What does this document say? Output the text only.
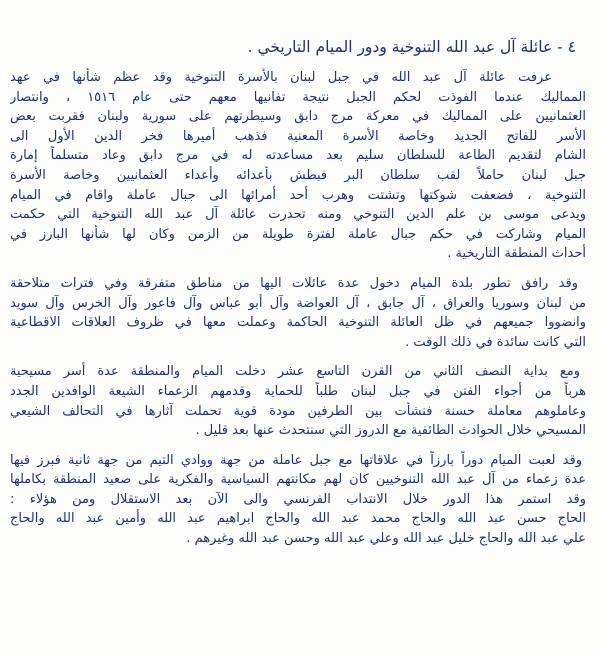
٤ - عائلة آل عبد الله التنوخية ودور الميام التاريخي .
عرفت عائلة آل عبد الله في جبل لبنان بالأسرة التنوخية وقد عظم شأنها في عهد
المماليك عندما الفوذت لحكم الجبل نتيجة تفانيها معهم حتى عام ١٥١٦ ، وانتصار
العثمانيين على المماليك في معركة مرج دابق وسيطرتهم على سورية ولبنان فقربت بعض
الأسر للفاتح الجديد وخاصة الأسرة المعنية فذهب أميرها فخر الدين الأول الى
الشام لتقديم الطاعة للسلطان سليم بعد مساعدته له في مرج دابق وعاد متسلماً إمارة
جبل لبنان حاملاً لقب سلطان البر فبطش بأعدائه وأعداء العثمانيين وخاصة الأسرة
التنوخية ، فضعفت شوكتها وتشتت وهرب أحد أمرائها الى جبال عاملة واقام في الميام
ويدعى موسى بن علم الدين التنوخي ومنه تحدرت عائلة آل عبد الله التنوخية التي حكمت
الميام وشاركت في حكم جبال عاملة لفترة طويلة من الزمن وكان لها شأنها البارز في
أحداث المنطقة التاريخية .
وقد رافق تطور بلدة الميام دخول عدة عائلات اليها من مناطق متفرقة وفي فترات متلاحقة
من لبنان وسوريا والعراق ، آل جابق ، آل العواضة وآل أبو عباس وآل فاعور وآل الخرس وآل سويد
وانضووا جميعهم في ظل العائلة التنوخية الحاكمة وعملت معها في ظروف العلاقات الاقطاعية
التي كانت سائدة في ذلك الوقت .
ومع بداية النصف الثاني من القرن التاسع عشر دخلت الميام والمنطقة عدة أسر مسيحية
هرباً من أجواء الفتن في جبل لبنان طلباً للحماية وقدمهم الزعماء الشيعة الوافدين الجدد
وعاملوهم معاملة حسنة فنشأت بين الطرفين مودة قوية تحملت آثارها في التحالف الشيعي
المسيحي خلال الحوادث الطائفية مع الدروز التي سنتحدث عنها بعد قليل .
وقد لعبت الميام دوراً بارزاً في علاقاتها مع جبل عاملة من جهة ووادي التيم من جهة ثانية فبرز فيها
عدة زعماء من آل عبد الله التنوخيين كان لهم مكانتهم السياسية والفكرية على صعيد المنطقة بكاملها
وقد استمر هذا الدور خلال الانتداب الفرنسي والى الآن بعد الاستقلال ومن هؤلاء :
الحاج حسن عبد الله والحاج محمد عبد الله والحاج ابراهيم عبد الله وأمين عبد الله والحاج
علي عبد الله والحاج خليل عبد الله وعلي عبد الله وحسن عبد الله وغيرهم .
